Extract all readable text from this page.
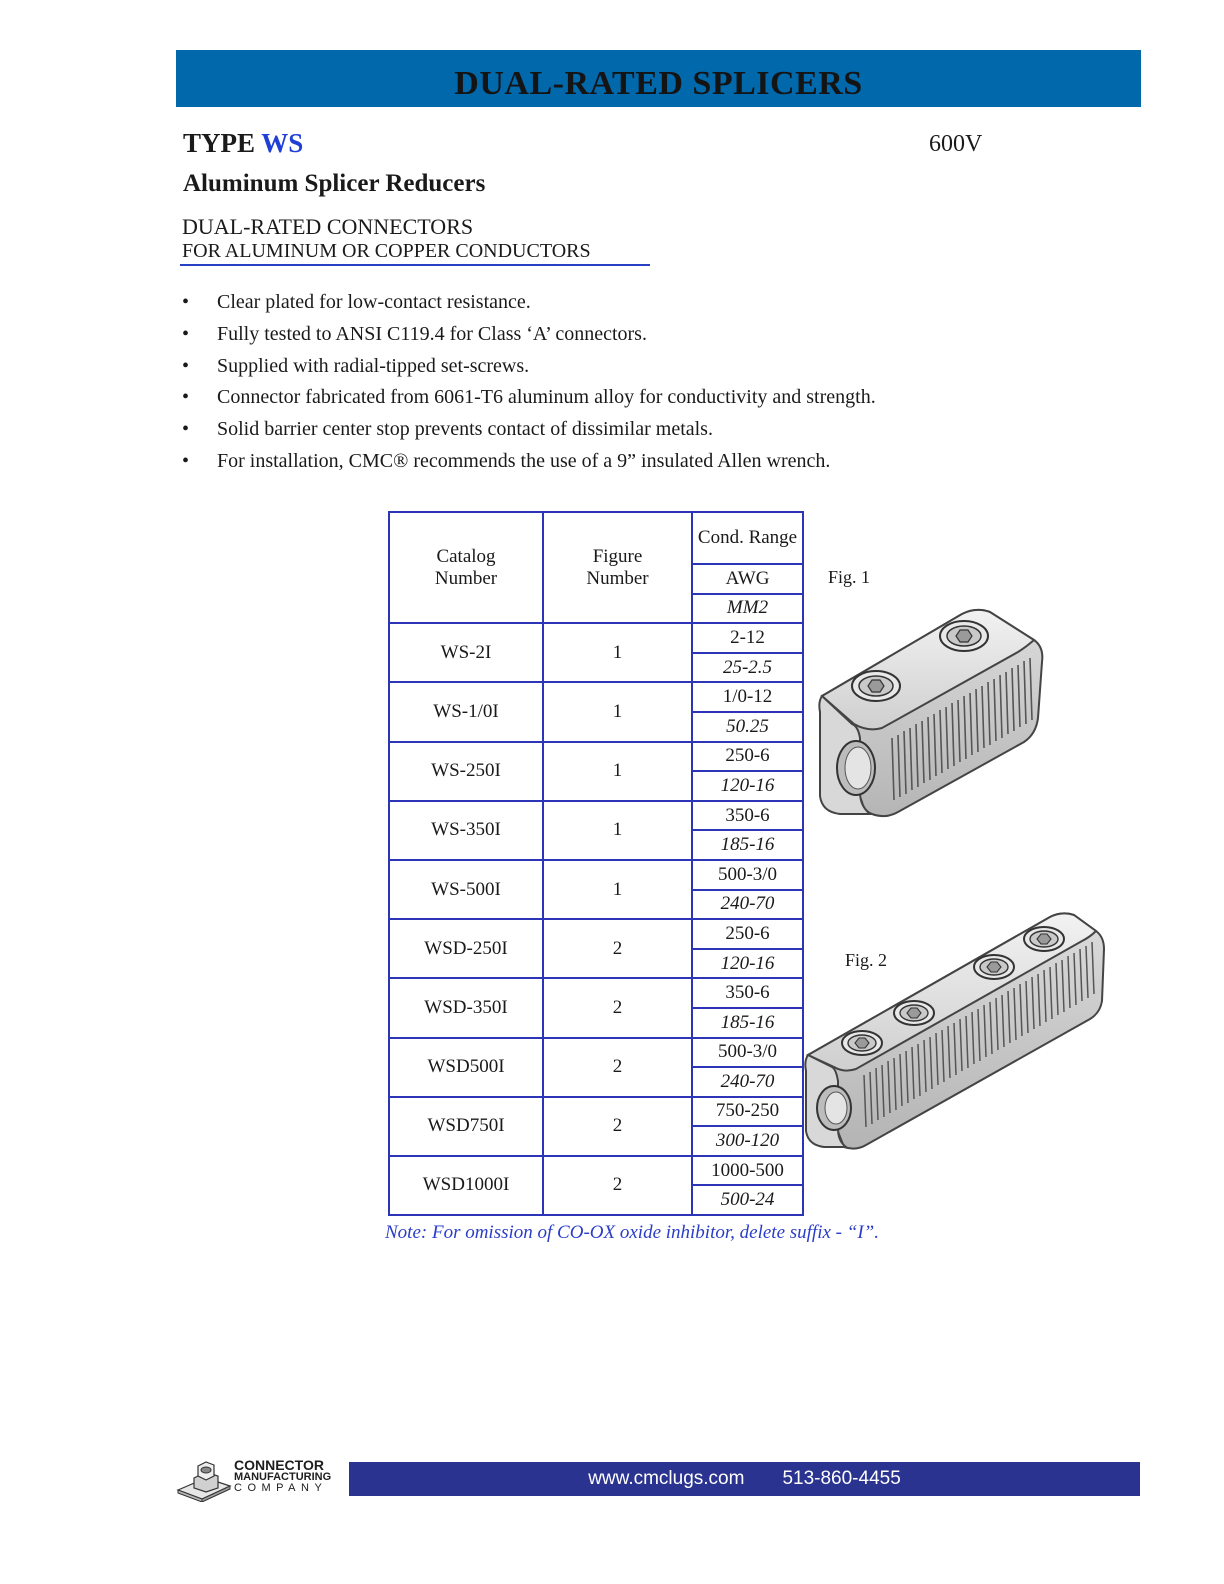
DUAL-RATED SPLICERS
TYPE WS	600V
Aluminum Splicer Reducers
DUAL-RATED CONNECTORS
FOR ALUMINUM OR COPPER CONDUCTORS
• Clear plated for low-contact resistance.
• Fully tested to ANSI C119.4 for Class ‘A’ connectors.
• Supplied with radial-tipped set-screws.
• Connector fabricated from 6061-T6 aluminum alloy for conductivity and strength.
• Solid barrier center stop prevents contact of dissimilar metals.
• For installation, CMC® recommends the use of a 9” insulated Allen wrench.
Catalog Number	Figure Number	Cond. Range
		AWG
		MM2
WS-2I	1	2-12
		25-2.5
WS-1/0I	1	1/0-12
		50.25
WS-250I	1	250-6
		120-16
WS-350I	1	350-6
		185-16
WS-500I	1	500-3/0
		240-70
WSD-250I	2	250-6
		120-16
WSD-350I	2	350-6
		185-16
WSD500I	2	500-3/0
		240-70
WSD750I	2	750-250
		300-120
WSD1000I	2	1000-500
		500-24
Note: For omission of CO-OX oxide inhibitor, delete suffix - “I”.
Fig. 1
Fig. 2
CONNECTOR
MANUFACTURING
COMPANY	www.cmclugs.com 513-860-4455
